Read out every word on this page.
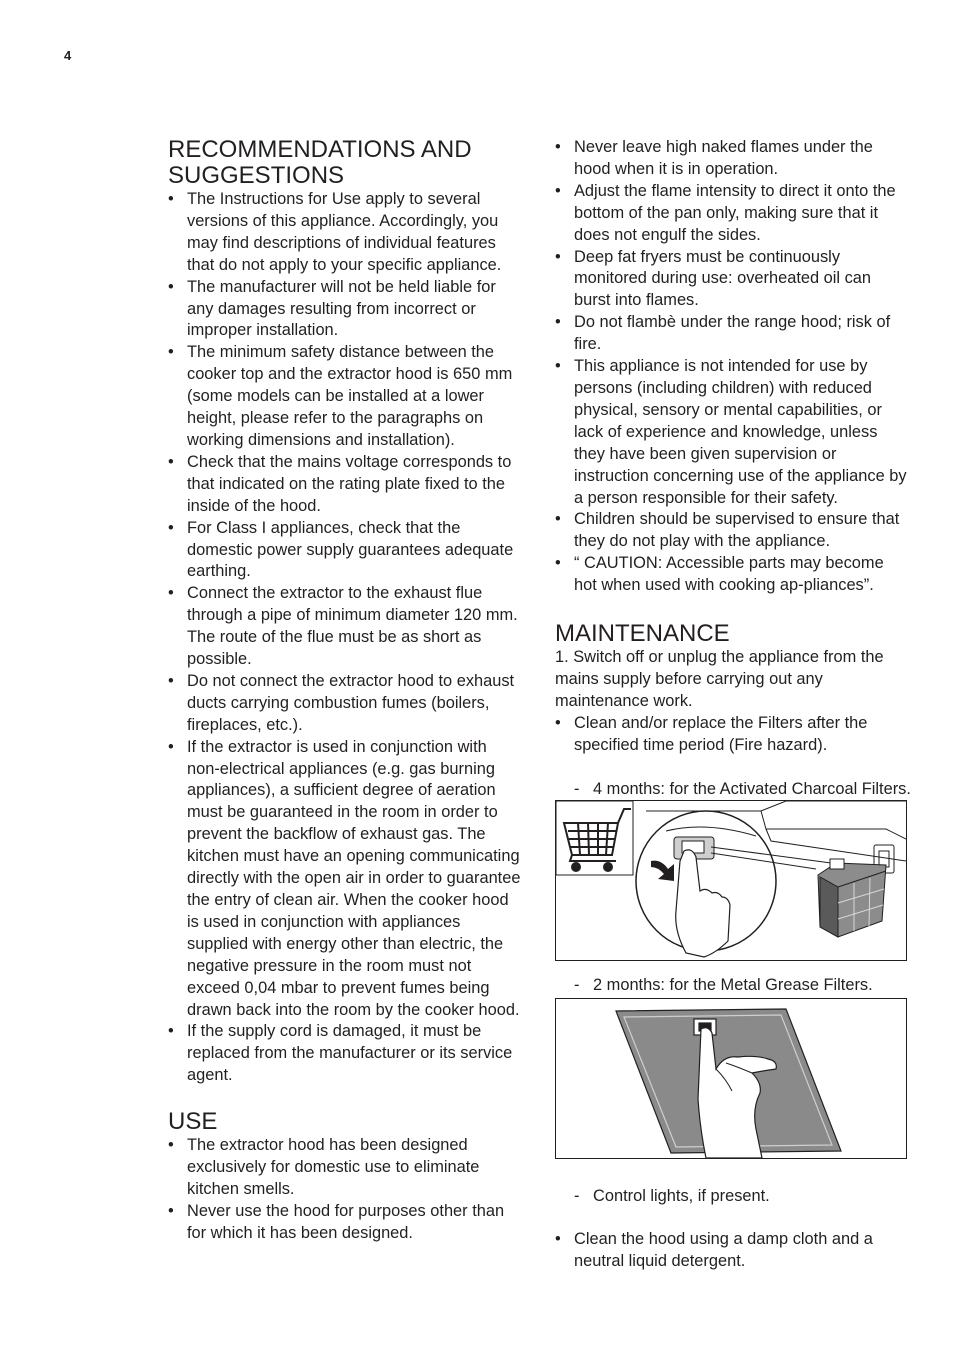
4
RECOMMENDATIONS AND SUGGESTIONS
• The Instructions for Use apply to several versions of this appliance. Accordingly, you may find descriptions of individual features that do not apply to your specific appliance.
• The manufacturer will not be held liable for any damages resulting from incorrect or improper installation.
• The minimum safety distance between the cooker top and the extractor hood is 650 mm (some models can be installed at a lower height, please refer to the paragraphs on working dimensions and installation).
• Check that the mains voltage corresponds to that indicated on the rating plate fixed to the inside of the hood.
• For Class I appliances, check that the domestic power supply guarantees adequate earthing.
• Connect the extractor to the exhaust flue through a pipe of minimum diameter 120 mm. The route of the flue must be as short as possible.
• Do not connect the extractor hood to exhaust ducts carrying combustion fumes (boilers, fireplaces, etc.).
• If the extractor is used in conjunction with non-electrical appliances (e.g. gas burning appliances), a sufficient degree of aeration must be guaranteed in the room in order to prevent the backflow of exhaust gas. The kitchen must have an opening communicating directly with the open air in order to guarantee the entry of clean air. When the cooker hood is used in conjunction with appliances supplied with energy other than electric, the negative pressure in the room must not exceed 0,04 mbar to prevent fumes being drawn back into the room by the cooker hood.
• If the supply cord is damaged, it must be replaced from the manufacturer or its service agent.
USE
• The extractor hood has been designed exclusively for domestic use to eliminate kitchen smells.
• Never use the hood for purposes other than for which it has been designed.
• Never leave high naked flames under the hood when it is in operation.
• Adjust the flame intensity to direct it onto the bottom of the pan only, making sure that it does not engulf the sides.
• Deep fat fryers must be continuously monitored during use: overheated oil can burst into flames.
• Do not flambè under the range hood; risk of fire.
• This appliance is not intended for use by persons (including children) with reduced physical, sensory or mental capabilities, or lack of experience and knowledge, unless they have been given supervision or instruction concerning use of the appliance by a person responsible for their safety.
• Children should be supervised to ensure that they do not play with the appliance.
• “ CAUTION: Accessible parts may become hot when used with cooking ap-pliances”.
MAINTENANCE

1. Switch off or unplug the appliance from the mains supply before carrying out any maintenance work.

• Clean and/or replace the Filters after the specified time period (Fire hazard).
- 4 months: for the Activated Charcoal Filters.
- 2 months: for the Metal Grease Filters.
- Control lights, if present.
• Clean the hood using a damp cloth and a neutral liquid detergent.
